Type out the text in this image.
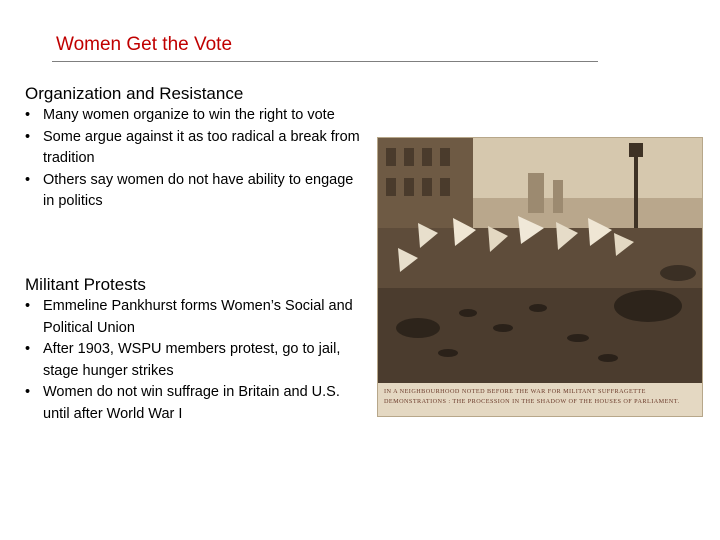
Women Get the Vote
Organization and Resistance
• Many women organize to win the right to vote
• Some argue against it as too radical a break from tradition
• Others say women do not have ability to engage in politics
Militant Protests
• Emmeline Pankhurst forms Women’s Social and Political Union
• After 1903, WSPU members protest, go to jail, stage hunger strikes
• Women do not win suffrage in Britain and U.S. until after World War I
IN A NEIGHBOURHOOD NOTED BEFORE THE WAR FOR MILITANT SUFFRAGETTE
DEMONSTRATIONS : THE PROCESSION IN THE SHADOW OF THE HOUSES OF PARLIAMENT.
